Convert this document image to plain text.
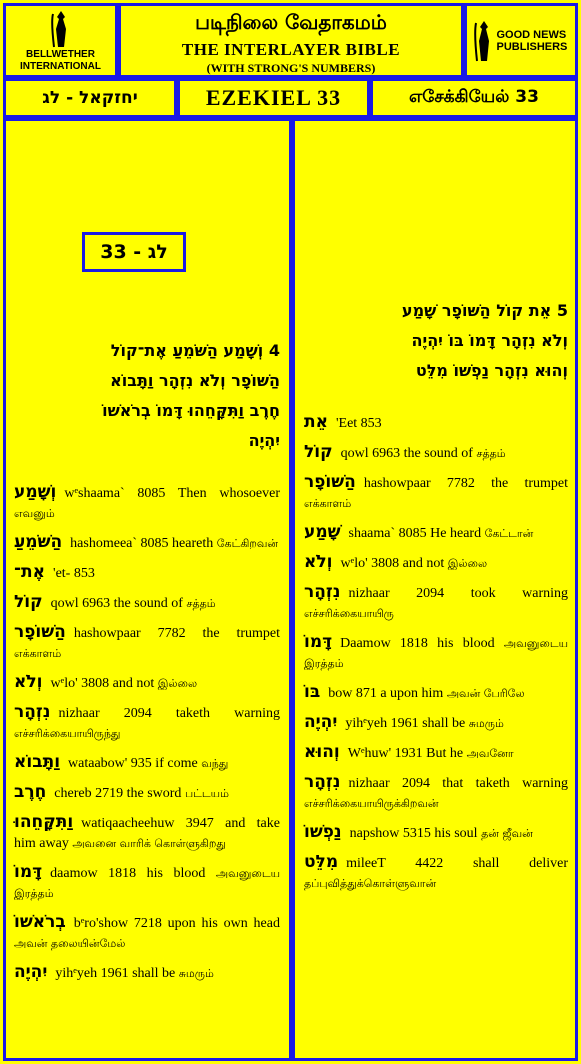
BELLWETHER INTERNATIONAL
படிநிலை வேதாகமம்
THE INTERLAYER BIBLE
(WITH STRONG'S NUMBERS)
GOOD NEWS PUBLISHERS
יחזקאל - לג	EZEKIEL 33	எசேக்கியேல் 33
לג - 33
4 וְשָׁמַע הַשֹּׁמֵעַ אֶת־קוֹל
הַשּׁוֹפָר וְלֹא נִזְהָר וַתָּבוֹא
חֶרֶב וַתִּקָּחֵהוּ דָּמוֹ בְרֹאשׁוֹ
יִהְיֶה
וְשָׁמַע wᵉshaama` 8085 Then whosoever எவனும்
הַשֹּׁמֵעַ hashomeea` 8085 heareth கேட்கிறவன்
אֶת־ 'et- 853
קוֹל qowl 6963 the sound of சத்தம்
הַשּׁוֹפָר hashowpaar 7782 the trumpet எக்காளம்
וְלֹא wᵉlo' 3808 and not இல்லை
נִזְהָר nizhaar 2094 taketh warning எச்சரிக்கையாயிருந்து
וַתָּבוֹא wataabow' 935 if come வந்து
חֶרֶב chereb 2719 the sword பட்டயம்
וַתִּקָּחֵהוּ watiqaacheehuw 3947 and take him away அவனை வாரிக் கொள்ளுகிறது
דָּמוֹ daamow 1818 his blood அவனுடைய இரத்தம்
בְרֹאשׁוֹ bᵉro'show 7218 upon his own head அவன் தலையின்மேல்
יִהְיֶה yihᵉyeh 1961 shall be சுமரும்
5 אֵת קוֹל הַשּׁוֹפָר שָׁמַע
וְלֹא נִזְהָר דָּמוֹ בּוֹ יִהְיֶה
וְהוּא נִזְהָר נַפְשׁוֹ מִלֵּט
אֵת 'Eet 853
קוֹל qowl 6963 the sound of சத்தம்
הַשּׁוֹפָר hashowpaar 7782 the trumpet எக்காளம்
שָׁמַע shaama` 8085 He heard கேட்டான்
וְלֹא wᵉlo' 3808 and not இல்லை
נִזְהָר nizhaar 2094 took warning எச்சரிக்கையாயிரு
דָּמוֹ Daamow 1818 his blood அவனுடைய இரத்தம்
בּוֹ bow 871 a upon him அவன் பேரிலே
יִהְיֶה yihᵉyeh 1961 shall be சுமரும்
וְהוּא Wᵉhuw' 1931 But he அவனோ
נִזְהָר nizhaar 2094 that taketh warning எச்சரிக்கையாயிருக்கிறவன்
נַפְשׁוֹ napshow 5315 his soul தன் ஜீவன்
מִלֵּט mileeT 4422 shall deliver தப்புவித்துக்கொள்ளுவான்
